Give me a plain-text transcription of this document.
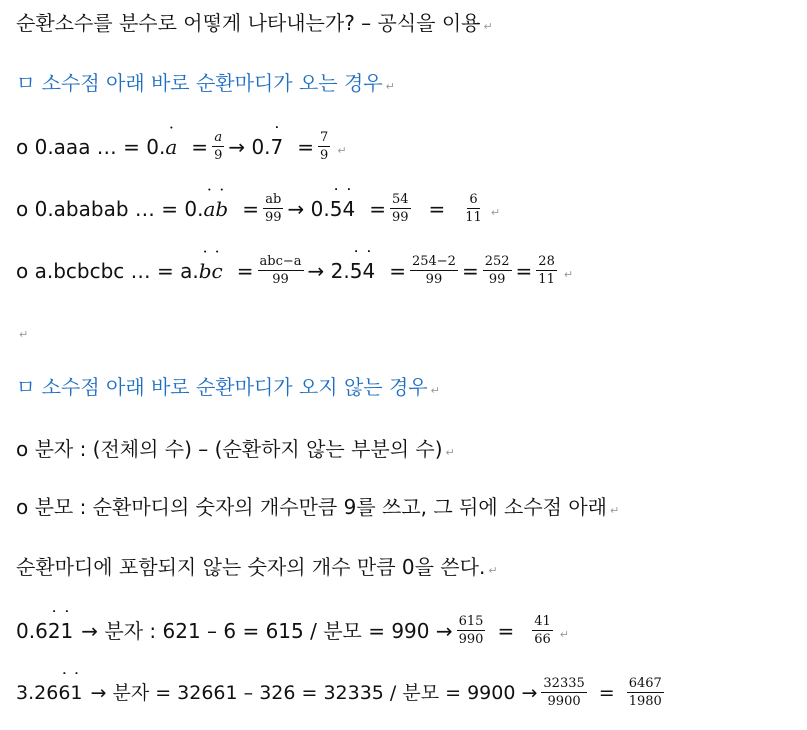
순환소수를 분수로 어떻게 나타내는가? – 공식을 이용 ↵
ㅁ 소수점 아래 바로 순환마디가 오는 경우 ↵
o 0.aaa … = 0. ˙ $a = \frac{a}{9} \to 0$. ˙ $7 = \frac{7}{9}$ ↵
o 0.ababab … = 0. ˙ a ˙ $b = \frac{ab}{99} \to 0$. ˙ 5 ˙ $4 = \frac{54}{99} = \frac{6}{11}$ ↵
o a.bcbcbc … = a. ˙ b ˙ $c = \frac{\text{abc−a}}{99} \to 2$. ˙ 5 ˙ $4 = \frac{254-2}{99} = \frac{252}{99} = \frac{28}{11}$ ↵
↵
ㅁ 소수점 아래 바로 순환마디가 오지 않는 경우 ↵
o 분자 : (전체의 수) – (순환하지 않는 부분의 수) ↵
o 분모 : 순환마디의 숫자의 개수만큼 9를 쓰고, 그 뒤에 소수점 아래 ↵
순환마디에 포함되지 않는 숫자의 개수 만큼 0을 쓴다. ↵
0.6 ˙ 2 ˙ 1 → 분자 : 621 – 6 = 615 / 분모 = $990 \to \frac{615}{990} = \frac{41}{66}$ ↵
3.26 ˙ 6 ˙ 1 → 분자 = 32661 – 326 = 32335 / 분모 = $9900 \to \frac{32335}{9900} = \frac{6467}{1980}$
